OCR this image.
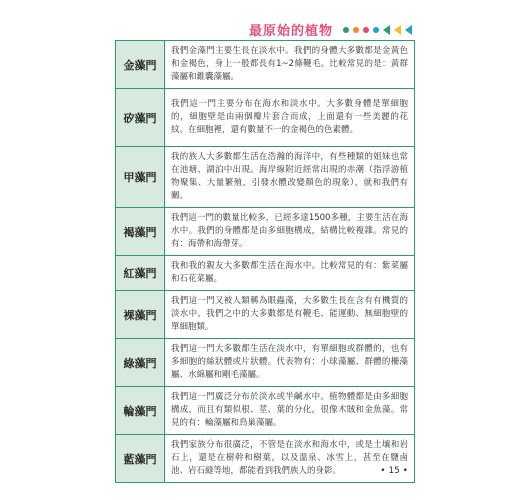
最原始的植物
金藻門	我們金藻門主要生長在淡水中。我們的身體大多數都是金黃色和金褐色，身上一般都長有1~2條鞭毛。比較常見的是：黃群藻屬和錐囊藻屬。
矽藻門	我們這一門主要分布在海水和淡水中。大多數身體是單細胞的，細胞壁是由兩個瓣片套合而成，上面還有一些美麗的花紋。在細胞裡，還有數量不一的金褐色的色素體。
甲藻門	我的族人大多數都生活在浩瀚的海洋中，有些種類的姐妹也常在池塘、湖泊中出現。海岸線附近經常出現的赤潮（指浮游植物聚集、大量繁殖，引發水體改變顏色的現象），就和我們有關。
褐藻門	我們這一門的數量比較多，已經多達1500多種，主要生活在海水中。我們的身體都是由多細胞構成，結構比較複雜。常見的有：海帶和海帶芽。
紅藻門	我和我的親友大多數都生活在海水中。比較常見的有：紫菜屬和石花菜屬。
裸藻門	我們這一門又被人類稱為眼蟲藻，大多數生長在含有有機質的淡水中。我們之中的大多數都是有鞭毛、能運動、無細胞壁的單細胞類。
綠藻門	我們這一門大多數都生活在淡水中，有單細胞或群體的，也有多細胞的絲狀體或片狀體。代表物有：小球藻屬、群體的柵藻屬、水綿屬和剛毛藻屬。
輪藻門	我們這一門廣泛分布於淡水或半鹹水中。植物體都是由多細胞構成，而且有類似根、莖、葉的分化，很像木賊和金魚藻。常見的有：輪藻屬和鳥巢藻屬。
藍藻門	我們家族分布很廣泛，不管是在淡水和海水中，或是土壤和岩石上，還是在樹幹和樹葉，以及溫泉、冰雪上，甚至在鹽鹵池、岩石縫等地，都能看到我們族人的身影。	• 15 •
